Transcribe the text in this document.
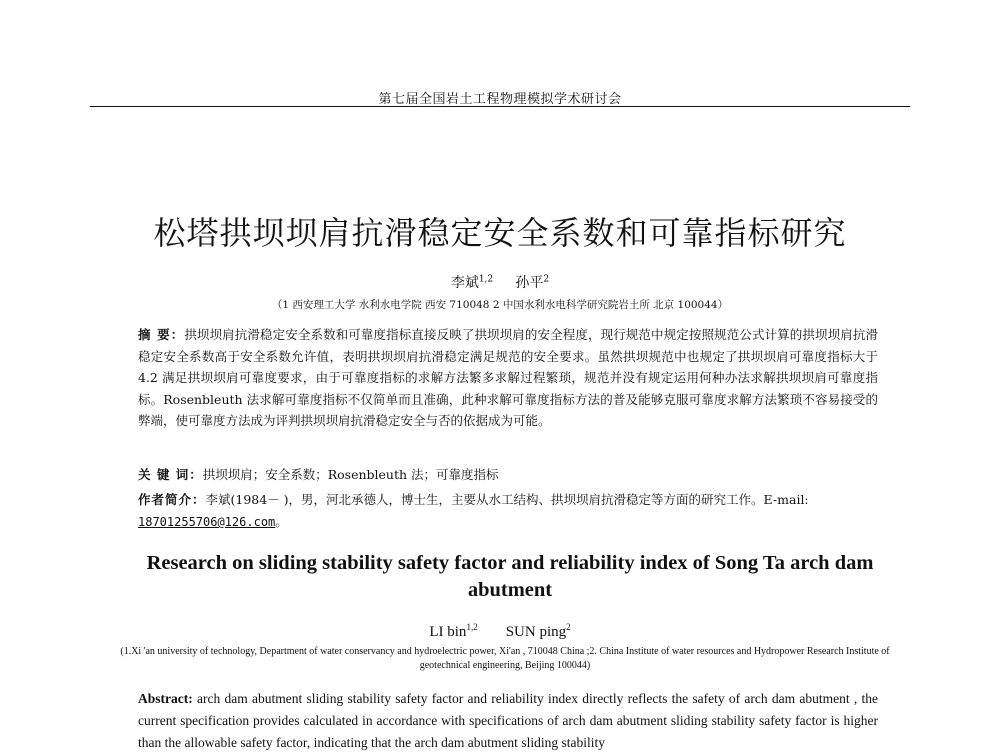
第七届全国岩土工程物理模拟学术研讨会
松塔拱坝坝肩抗滑稳定安全系数和可靠指标研究
李斌$^{1,2}$ 孙平$^2$
（1 西安理工大学 水利水电学院 西安 710048 2 中国水利水电科学研究院岩土所 北京 100044）

摘 要：拱坝坝肩抗滑稳定安全系数和可靠度指标直接反映了拱坝坝肩的安全程度，现行规范中规定按照规范公式计算的拱坝坝肩抗滑稳定安全系数高于安全系数允许值，表明拱坝坝肩抗滑稳定满足规范的安全要求。虽然拱坝规范中也规定了拱坝坝肩可靠度指标大于 4.2 满足拱坝坝肩可靠度要求，由于可靠度指标的求解方法繁多求解过程繁琐，规范并没有规定运用何种办法求解拱坝坝肩可靠度指标。Rosenbleuth 法求解可靠度指标不仅简单而且准确，此种求解可靠度指标方法的普及能够克服可靠度求解方法繁琐不容易接受的弊端，使可靠度方法成为评判拱坝坝肩抗滑稳定安全与否的依据成为可能。

关 键 词：拱坝坝肩；安全系数；Rosenbleuth 法；可靠度指标

作者简介：李斌(1984－ )，男，河北承德人，博士生，主要从水工结构、拱坝坝肩抗滑稳定等方面的研究工作。E-mail: 18701255706@126.com。

Research on sliding stability safety factor and reliability index of Song Ta arch dam abutment
LI bin$^{1,2}$ SUN ping$^2$
(1.Xi 'an university of technology, Department of water conservancy and hydroelectric power, Xi'an , 710048 China ;2. China Institute of water resources and Hydropower Research Institute of geotechnical engineering, Beijing 100044)

Abstract: arch dam abutment sliding stability safety factor and reliability index directly reflects the safety of arch dam abutment , the current specification provides calculated in accordance with specifications of arch dam abutment sliding stability safety factor is higher than the allowable safety factor, indicating that the arch dam abutment sliding stability
